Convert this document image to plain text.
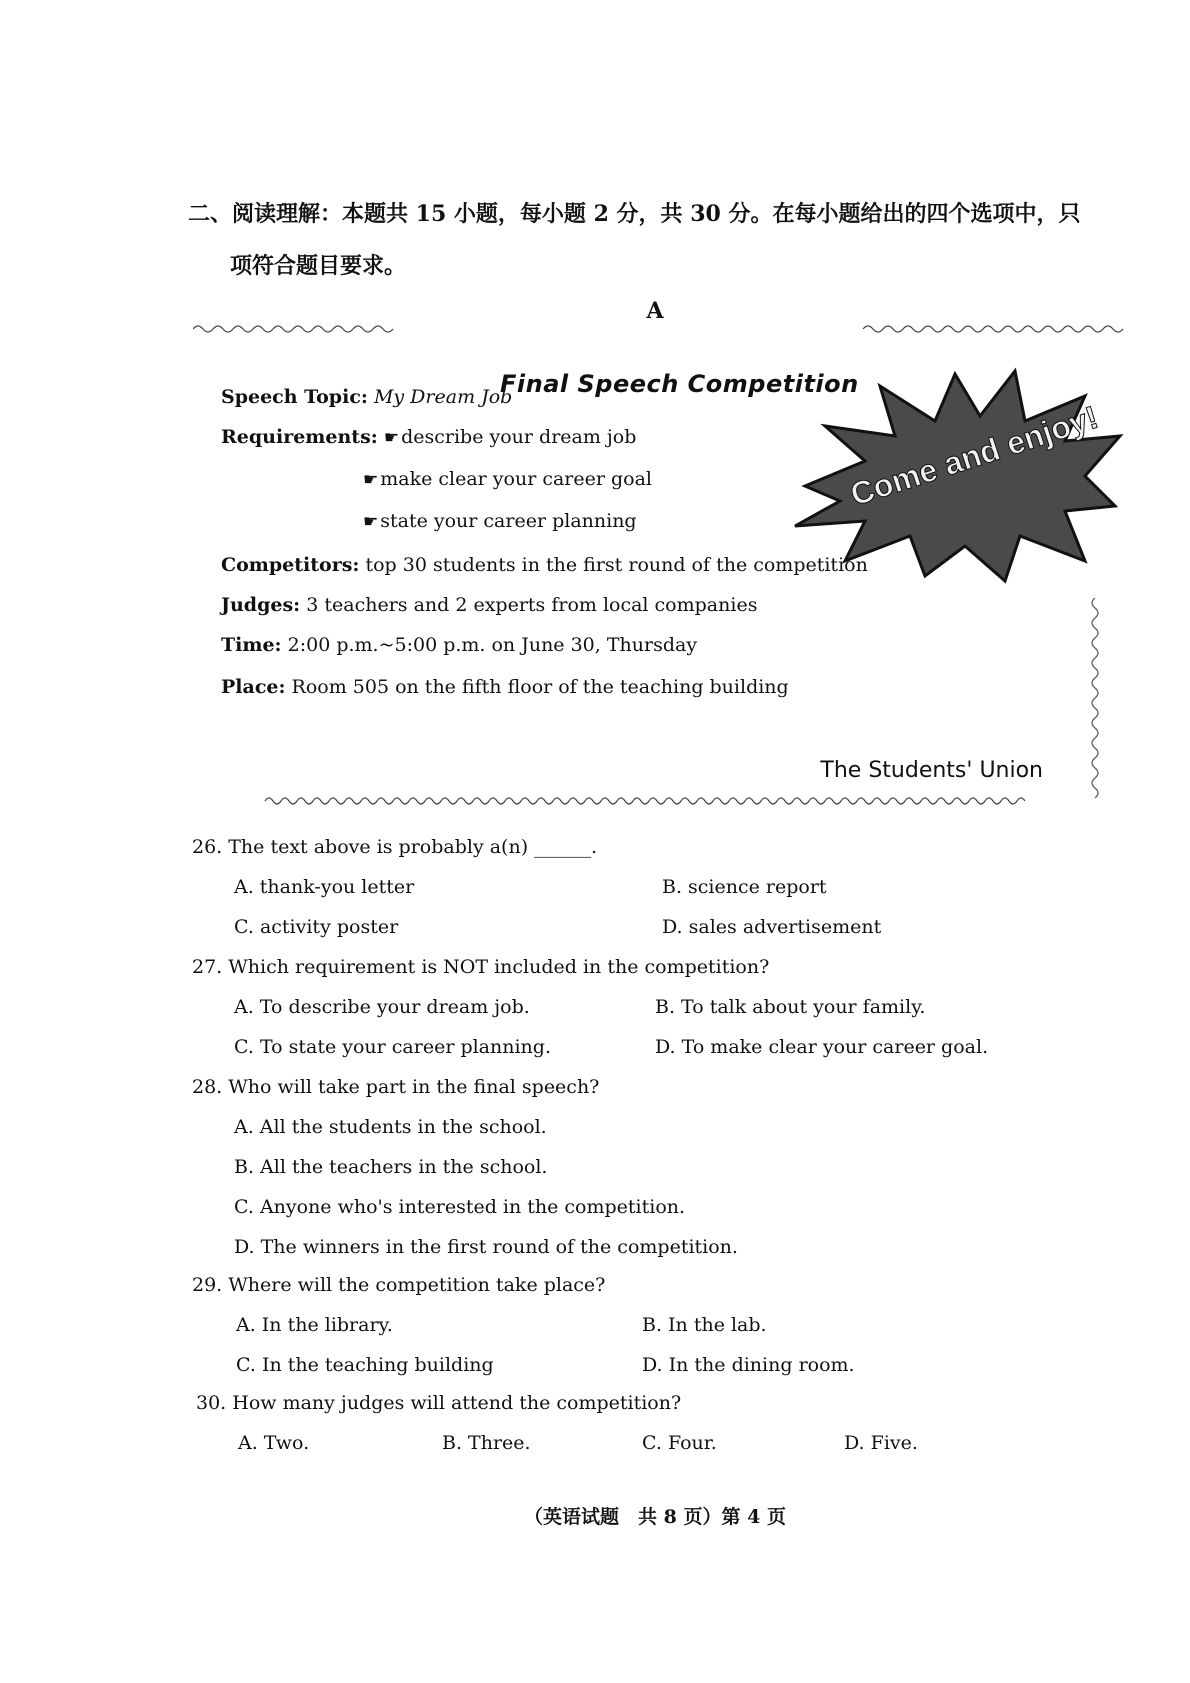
二、阅读理解：本题共 15 小题，每小题 2 分，共 30 分。在每小题给出的四个选项中，只
项符合题目要求。
A
Final Speech Competition
Come and enjoy!
Speech Topic: My Dream Job
Requirements: ☛ describe your dream job
☛ make clear your career goal
☛ state your career planning
Competitors: top 30 students in the first round of the competition
Judges: 3 teachers and 2 experts from local companies
Time: 2:00 p.m.~5:00 p.m. on June 30, Thursday
Place: Room 505 on the fifth floor of the teaching building
The Students' Union
26. The text above is probably a(n) ______.
A. thank-you letter	B. science report
C. activity poster	D. sales advertisement
27. Which requirement is NOT included in the competition?
A. To describe your dream job.	B. To talk about your family.
C. To state your career planning.	D. To make clear your career goal.
28. Who will take part in the final speech?
A. All the students in the school.
B. All the teachers in the school.
C. Anyone who's interested in the competition.
D. The winners in the first round of the competition.
29. Where will the competition take place?
A. In the library.	B. In the lab.
C. In the teaching building	D. In the dining room.
30. How many judges will attend the competition?
A. Two.	B. Three.	C. Four.	D. Five.
（英语试题　共 8 页）第 4 页
